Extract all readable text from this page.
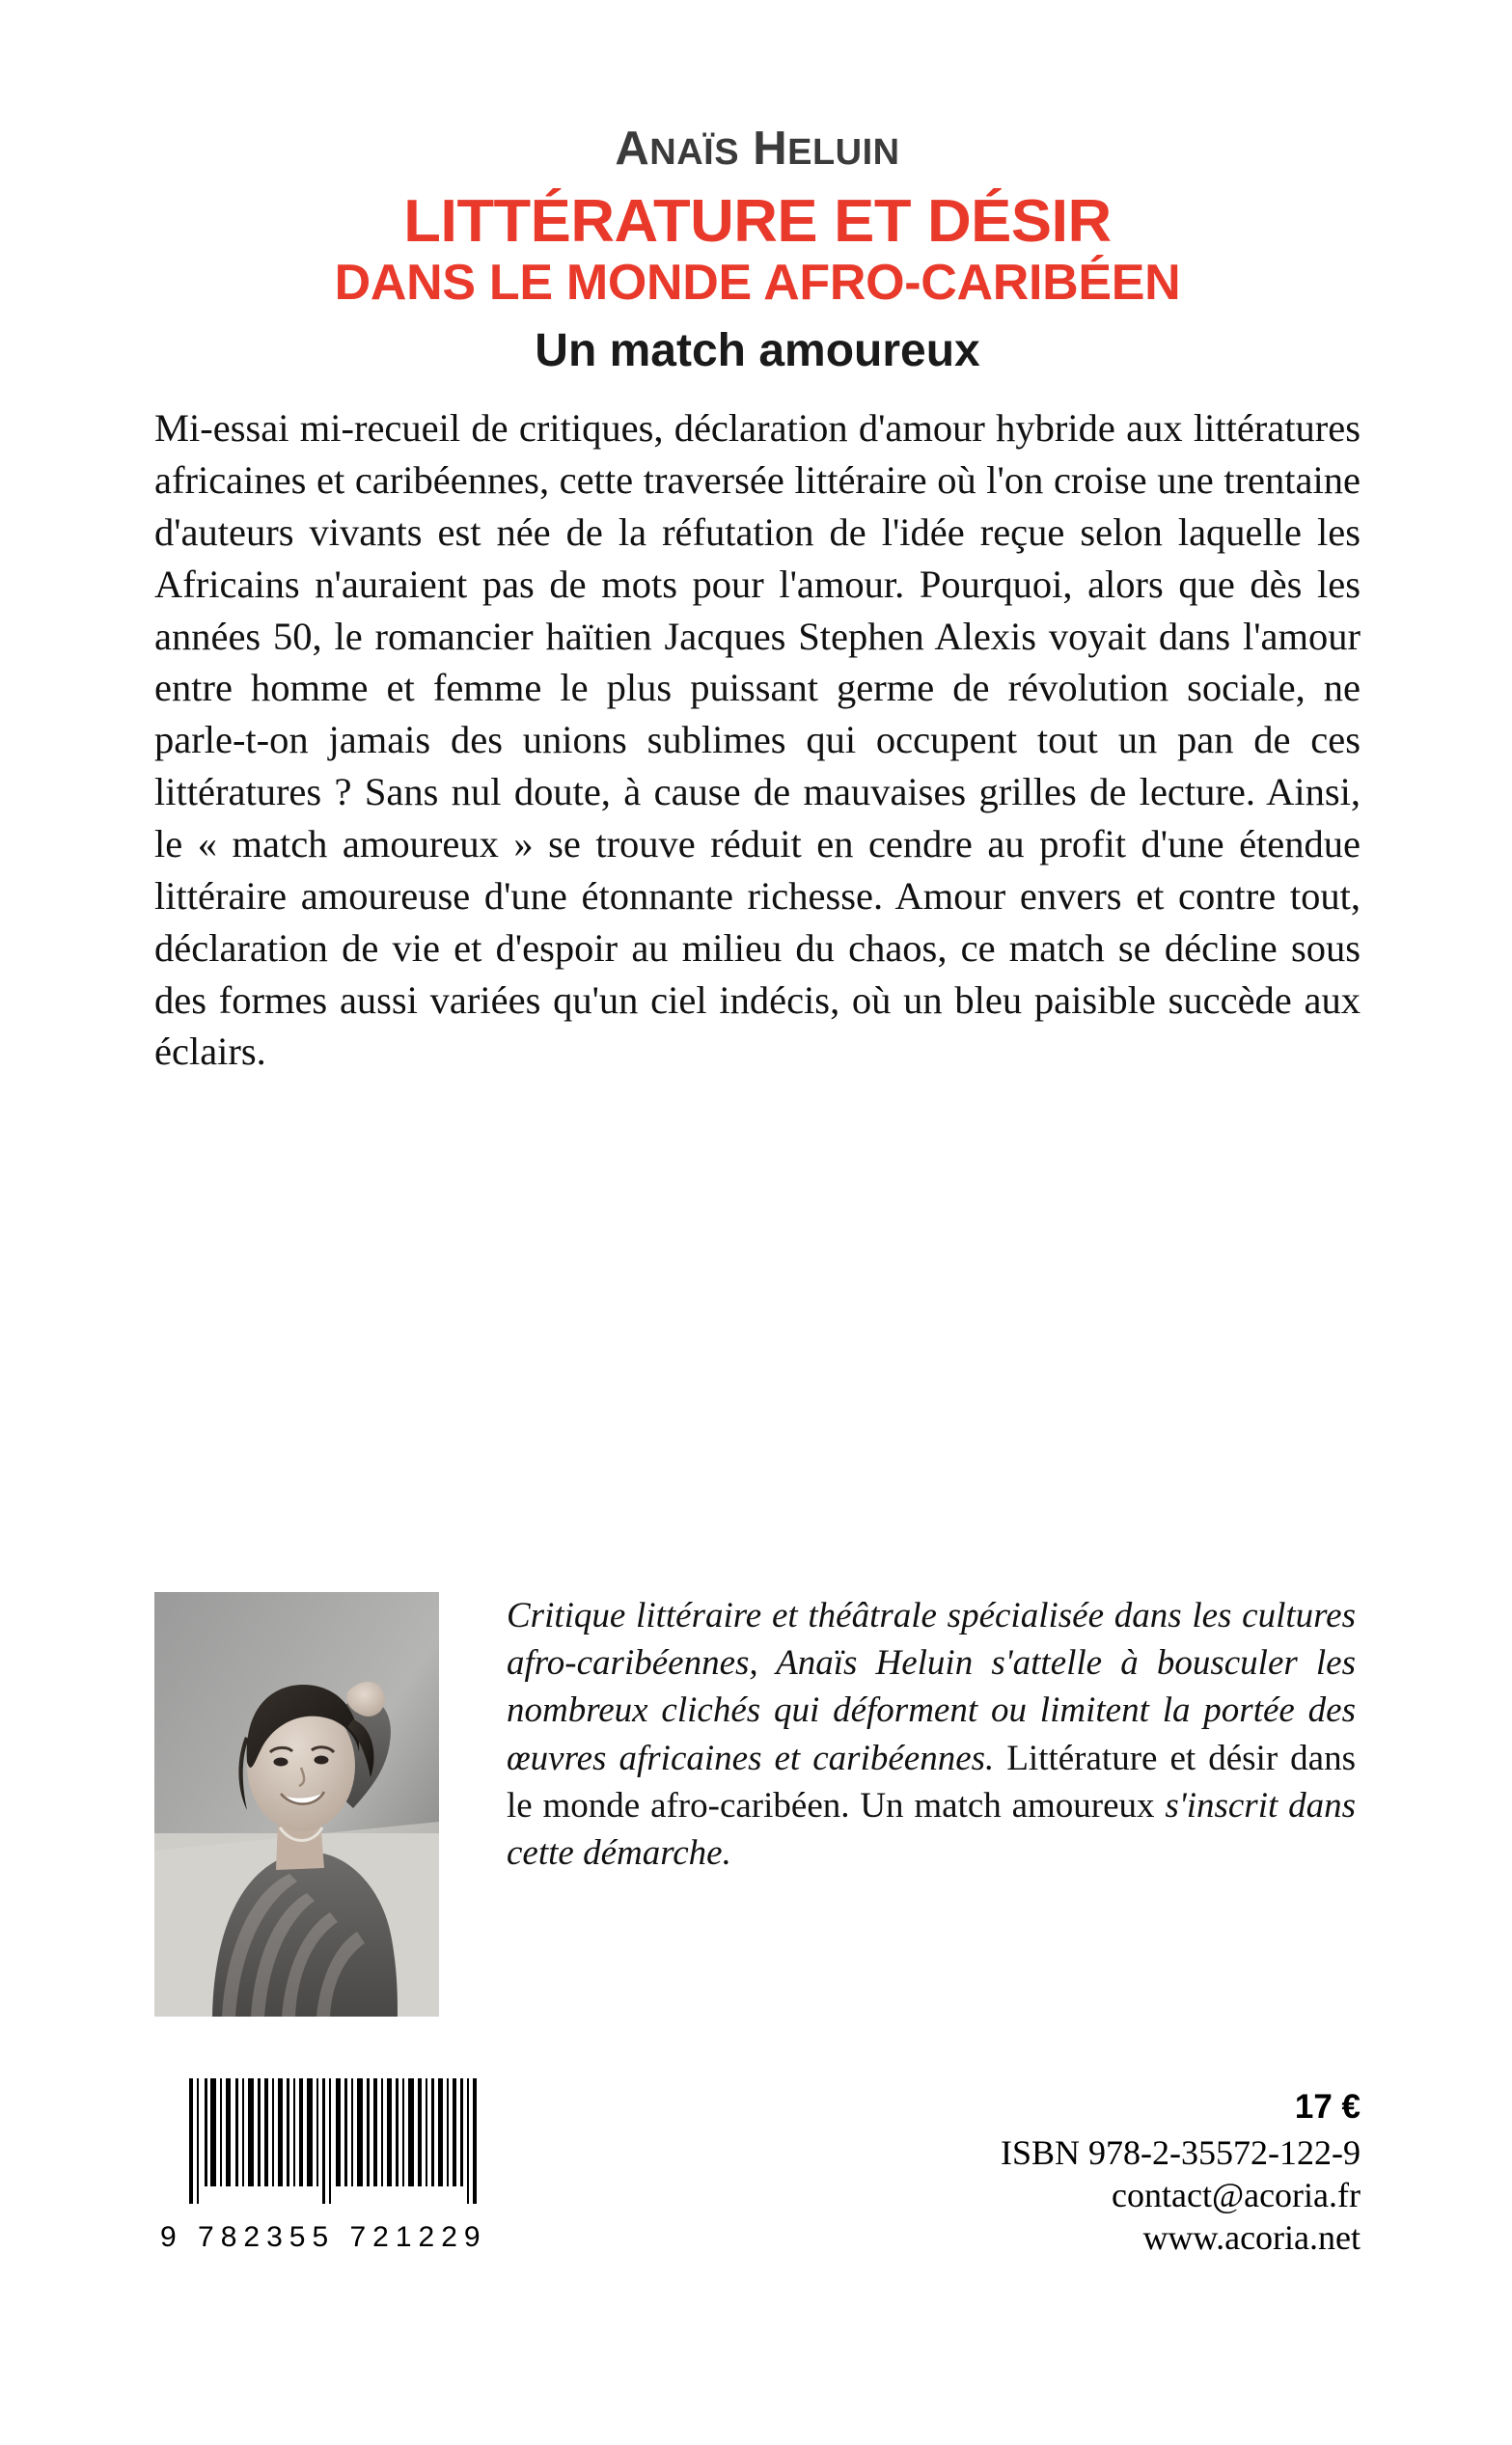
ANAÏS HELUIN
LITTÉRATURE ET DÉSIR
DANS LE MONDE AFRO-CARIBÉEN
Un match amoureux

Mi-essai mi-recueil de critiques, déclaration d'amour hybride aux littératures africaines et caribéennes, cette traversée littéraire où l'on croise une trentaine d'auteurs vivants est née de la réfutation de l'idée reçue selon laquelle les Africains n'auraient pas de mots pour l'amour. Pourquoi, alors que dès les années 50, le romancier haïtien Jacques Stephen Alexis voyait dans l'amour entre homme et femme le plus puissant germe de révolution sociale, ne parle-t-on jamais des unions sublimes qui occupent tout un pan de ces littératures ? Sans nul doute, à cause de mauvaises grilles de lecture. Ainsi, le « match amoureux » se trouve réduit en cendre au profit d'une étendue littéraire amoureuse d'une étonnante richesse. Amour envers et contre tout, déclaration de vie et d'espoir au milieu du chaos, ce match se décline sous des formes aussi variées qu'un ciel indécis, où un bleu paisible succède aux éclairs.

Critique littéraire et théâtrale spécialisée dans les cultures afro-caribéennes, Anaïs Heluin s'attelle à bousculer les nombreux clichés qui déforment ou limitent la portée des œuvres africaines et caribéennes. Littérature et désir dans le monde afro-caribéen. Un match amoureux s'inscrit dans cette démarche.
9 782355 721229
17 €
ISBN 978-2-35572-122-9
contact@acoria.fr
www.acoria.net
